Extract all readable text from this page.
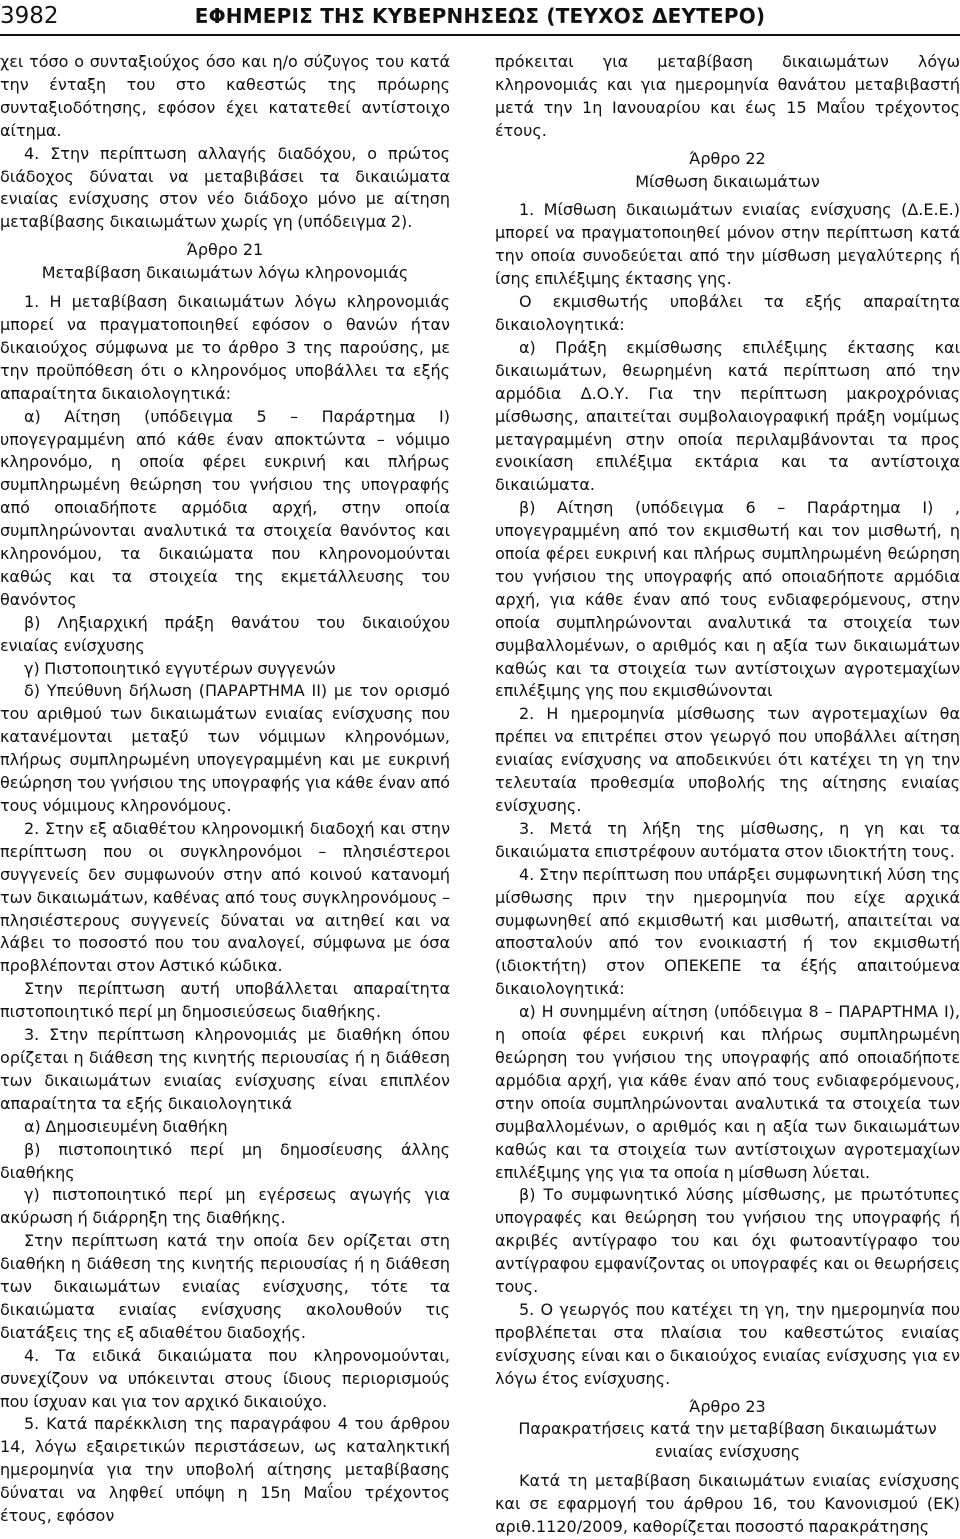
3982	ΕΦΗΜΕΡΙΣ ΤΗΣ ΚΥΒΕΡΝΗΣΕΩΣ (ΤΕΥΧΟΣ ΔΕΥΤΕΡΟ)

χει τόσο ο συνταξιούχος όσο και η/ο σύζυγος του κατά την ένταξη του στο καθεστώς της πρόωρης συνταξιοδότησης, εφόσον έχει κατατεθεί αντίστοιχο αίτημα.

4. Στην περίπτωση αλλαγής διαδόχου, ο πρώτος διάδοχος δύναται να μεταβιβάσει τα δικαιώματα ενιαίας ενίσχυσης στον νέο διάδοχο μόνο με αίτηση μεταβίβασης δικαιωμάτων χωρίς γη (υπόδειγμα 2).

Άρθρο 21
Μεταβίβαση δικαιωμάτων λόγω κληρονομιάς

1. Η μεταβίβαση δικαιωμάτων λόγω κληρονομιάς μπορεί να πραγματοποιηθεί εφόσον ο θανών ήταν δικαιούχος σύμφωνα με το άρθρο 3 της παρούσης, με την προϋπόθεση ότι ο κληρονόμος υποβάλλει τα εξής απαραίτητα δικαιολογητικά:

α) Αίτηση (υπόδειγμα 5 – Παράρτημα I) υπογεγραμμένη από κάθε έναν αποκτώντα – νόμιμο κληρονόμο, η οποία φέρει ευκρινή και πλήρως συμπληρωμένη θεώρηση του γνήσιου της υπογραφής από οποιαδήποτε αρμόδια αρχή, στην οποία συμπληρώνονται αναλυτικά τα στοιχεία θανόντος και κληρονόμου, τα δικαιώματα που κληρονομούνται καθώς και τα στοιχεία της εκμετάλλευσης του θανόντος

β) Ληξιαρχική πράξη θανάτου του δικαιούχου ενιαίας ενίσχυσης

γ) Πιστοποιητικό εγγυτέρων συγγενών

δ) Υπεύθυνη δήλωση (ΠΑΡΑΡΤΗΜΑ ΙΙ) με τον ορισμό του αριθμού των δικαιωμάτων ενιαίας ενίσχυσης που κατανέμονται μεταξύ των νόμιμων κληρονόμων, πλήρως συμπληρωμένη υπογεγραμμένη και με ευκρινή θεώρηση του γνήσιου της υπογραφής για κάθε έναν από τους νόμιμους κληρονόμους.

2. Στην εξ αδιαθέτου κληρονομική διαδοχή και στην περίπτωση που οι συγκληρονόμοι – πλησιέστεροι συγγενείς δεν συμφωνούν στην από κοινού κατανομή των δικαιωμάτων, καθένας από τους συγκληρονόμους – πλησιέστερους συγγενείς δύναται να αιτηθεί και να λάβει το ποσοστό που του αναλογεί, σύμφωνα με όσα προβλέπονται στον Αστικό κώδικα.

Στην περίπτωση αυτή υποβάλλεται απαραίτητα πιστοποιητικό περί μη δημοσιεύσεως διαθήκης.

3. Στην περίπτωση κληρονομιάς με διαθήκη όπου ορίζεται η διάθεση της κινητής περιουσίας ή η διάθεση των δικαιωμάτων ενιαίας ενίσχυσης είναι επιπλέον απαραίτητα τα εξής δικαιολογητικά

α) Δημοσιευμένη διαθήκη

β) πιστοποιητικό περί μη δημοσίευσης άλλης διαθήκης

γ) πιστοποιητικό περί μη εγέρσεως αγωγής για ακύρωση ή διάρρηξη της διαθήκης.

Στην περίπτωση κατά την οποία δεν ορίζεται στη διαθήκη η διάθεση της κινητής περιουσίας ή η διάθεση των δικαιωμάτων ενιαίας ενίσχυσης, τότε τα δικαιώματα ενιαίας ενίσχυσης ακολουθούν τις διατάξεις της εξ αδιαθέτου διαδοχής.

4. Τα ειδικά δικαιώματα που κληρονομούνται, συνεχίζουν να υπόκεινται στους ίδιους περιορισμούς που ίσχυαν και για τον αρχικό δικαιούχο.

5. Κατά παρέκκλιση της παραγράφου 4 του άρθρου 14, λόγω εξαιρετικών περιστάσεων, ως καταληκτική ημερομηνία για την υποβολή αίτησης μεταβίβασης δύναται να ληφθεί υπόψη η 15η Μαΐου τρέχοντος έτους, εφόσον

πρόκειται για μεταβίβαση δικαιωμάτων λόγω κληρονομιάς και για ημερομηνία θανάτου μεταβιβαστή μετά την 1η Ιανουαρίου και έως 15 Μαΐου τρέχοντος έτους.

Άρθρο 22
Μίσθωση δικαιωμάτων

1. Μίσθωση δικαιωμάτων ενιαίας ενίσχυσης (Δ.Ε.Ε.) μπορεί να πραγματοποιηθεί μόνον στην περίπτωση κατά την οποία συνοδεύεται από την μίσθωση μεγαλύτερης ή ίσης επιλέξιμης έκτασης γης.

Ο εκμισθωτής υποβάλει τα εξής απαραίτητα δικαιολογητικά:

α) Πράξη εκμίσθωσης επιλέξιμης έκτασης και δικαιωμάτων, θεωρημένη κατά περίπτωση από την αρμόδια Δ.Ο.Υ. Για την περίπτωση μακροχρόνιας μίσθωσης, απαιτείται συμβολαιογραφική πράξη νομίμως μεταγραμμένη στην οποία περιλαμβάνονται τα προς ενοικίαση επιλέξιμα εκτάρια και τα αντίστοιχα δικαιώματα.

β) Αίτηση (υπόδειγμα 6 – Παράρτημα I) , υπογεγραμμένη από τον εκμισθωτή και τον μισθωτή, η οποία φέρει ευκρινή και πλήρως συμπληρωμένη θεώρηση του γνήσιου της υπογραφής από οποιαδήποτε αρμόδια αρχή, για κάθε έναν από τους ενδιαφερόμενους, στην οποία συμπληρώνονται αναλυτικά τα στοιχεία των συμβαλλομένων, ο αριθμός και η αξία των δικαιωμάτων καθώς και τα στοιχεία των αντίστοιχων αγροτεμαχίων επιλέξιμης γης που εκμισθώνονται

2. Η ημερομηνία μίσθωσης των αγροτεμαχίων θα πρέπει να επιτρέπει στον γεωργό που υποβάλλει αίτηση ενιαίας ενίσχυσης να αποδεικνύει ότι κατέχει τη γη την τελευταία προθεσμία υποβολής της αίτησης ενιαίας ενίσχυσης.

3. Μετά τη λήξη της μίσθωσης, η γη και τα δικαιώματα επιστρέφουν αυτόματα στον ιδιοκτήτη τους.

4. Στην περίπτωση που υπάρξει συμφωνητική λύση της μίσθωσης πριν την ημερομηνία που είχε αρχικά συμφωνηθεί από εκμισθωτή και μισθωτή, απαιτείται να αποσταλούν από τον ενοικιαστή ή τον εκμισθωτή (ιδιοκτήτη) στον ΟΠΕΚΕΠΕ τα έξής απαιτούμενα δικαιολογητικά:

α) Η συνημμένη αίτηση (υπόδειγμα 8 – ΠΑΡΑΡΤΗΜΑ Ι), η οποία φέρει ευκρινή και πλήρως συμπληρωμένη θεώρηση του γνήσιου της υπογραφής από οποιαδήποτε αρμόδια αρχή, για κάθε έναν από τους ενδιαφερόμενους, στην οποία συμπληρώνονται αναλυτικά τα στοιχεία των συμβαλλομένων, ο αριθμός και η αξία των δικαιωμάτων καθώς και τα στοιχεία των αντίστοιχων αγροτεμαχίων επιλέξιμης γης για τα οποία η μίσθωση λύεται.

β) Το συμφωνητικό λύσης μίσθωσης, με πρωτότυπες υπογραφές και θεώρηση του γνήσιου της υπογραφής ή ακριβές αντίγραφο του και όχι φωτοαντίγραφο του αντίγραφου εμφανίζοντας οι υπογραφές και οι θεωρήσεις τους.

5. Ο γεωργός που κατέχει τη γη, την ημερομηνία που προβλέπεται στα πλαίσια του καθεστώτος ενιαίας ενίσχυσης είναι και ο δικαιούχος ενιαίας ενίσχυσης για εν λόγω έτος ενίσχυσης.

Άρθρο 23
Παρακρατήσεις κατά την μεταβίβαση δικαιωμάτων ενιαίας ενίσχυσης

Κατά τη μεταβίβαση δικαιωμάτων ενιαίας ενίσχυσης και σε εφαρμογή του άρθρου 16, του Κανονισμού (ΕΚ) αριθ.1120/2009, καθορίζεται ποσοστό παρακράτησης
